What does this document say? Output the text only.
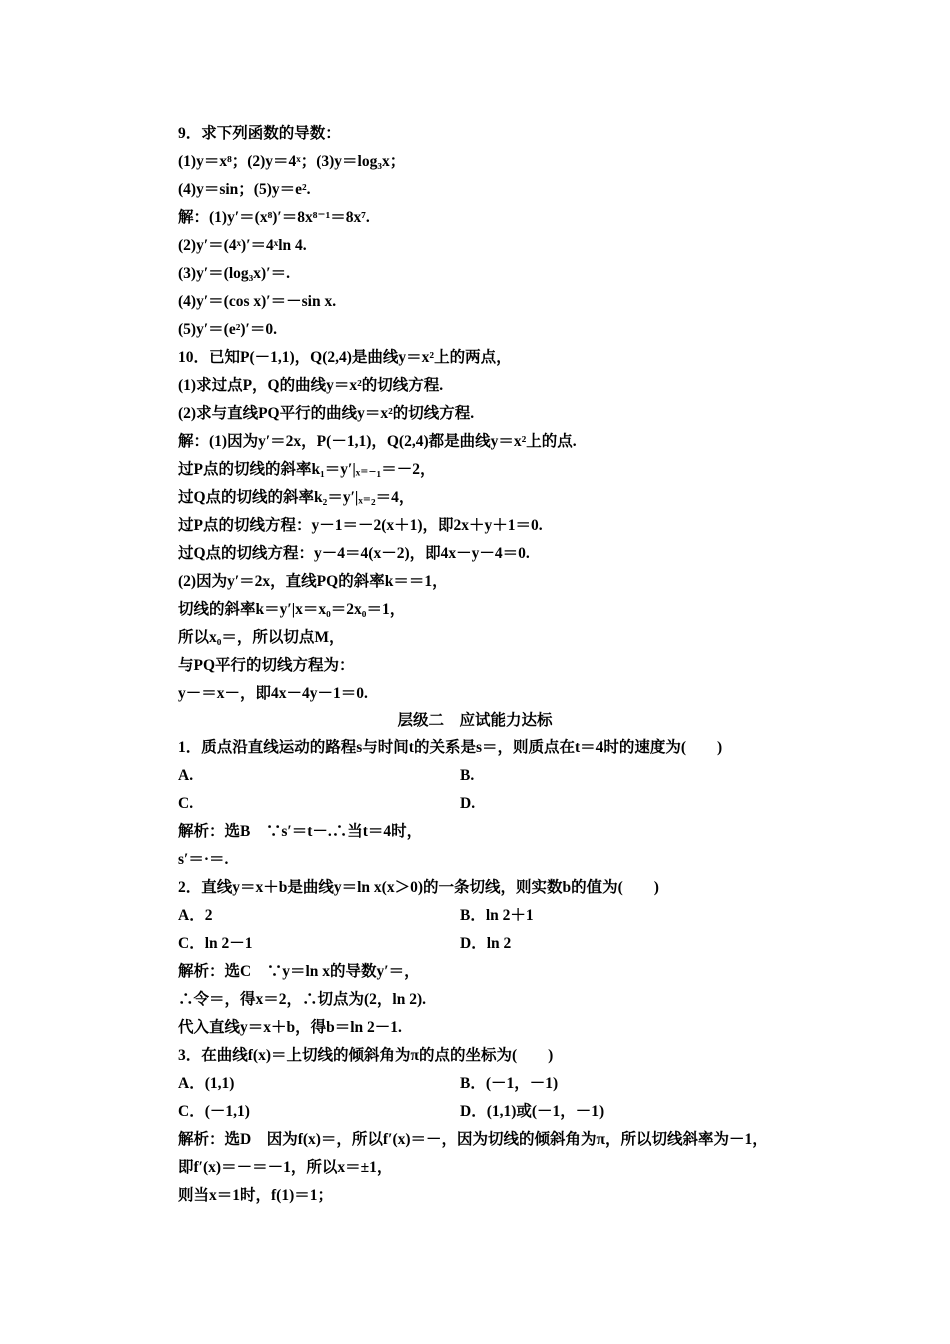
9．求下列函数的导数：
(1)y＝x⁸；(2)y＝4ˣ；(3)y＝log₃x；
(4)y＝sin；(5)y＝e².
解：(1)y′＝(x⁸)′＝8x⁸⁻¹＝8x⁷.
(2)y′＝(4ˣ)′＝4ˣln 4.
(3)y′＝(log₃x)′＝.
(4)y′＝(cos x)′＝－sin x.
(5)y′＝(e²)′＝0.
10．已知P(－1,1)，Q(2,4)是曲线y＝x²上的两点，
(1)求过点P，Q的曲线y＝x²的切线方程.
(2)求与直线PQ平行的曲线y＝x²的切线方程.
解：(1)因为y′＝2x，P(－1,1)，Q(2,4)都是曲线y＝x²上的点.
过P点的切线的斜率k₁＝y′|ₓ₌₋₁＝－2，
过Q点的切线的斜率k₂＝y′|ₓ₌₂＝4，
过P点的切线方程：y－1＝－2(x＋1)，即2x＋y＋1＝0.
过Q点的切线方程：y－4＝4(x－2)，即4x－y－4＝0.
(2)因为y′＝2x，直线PQ的斜率k＝＝1，
切线的斜率k＝y′|x＝x₀＝2x₀＝1，
所以x₀＝，所以切点M，
与PQ平行的切线方程为：
y－＝x－，即4x－4y－1＝0.
层级二　应试能力达标
1．质点沿直线运动的路程s与时间t的关系是s＝，则质点在t＝4时的速度为(　　)
A.	B.
C.	D.
解析：选B　∵s′＝t－.∴当t＝4时，
s′＝·＝.
2．直线y＝x＋b是曲线y＝ln x(x＞0)的一条切线，则实数b的值为(　　)
A．2	B．ln 2＋1
C．ln 2－1	D．ln 2
解析：选C　∵y＝ln x的导数y′＝，
∴令＝，得x＝2，∴切点为(2，ln 2).
代入直线y＝x＋b，得b＝ln 2－1.
3．在曲线f(x)＝上切线的倾斜角为π的点的坐标为(　　)
A．(1,1)	B．(－1，－1)
C．(－1,1)	D．(1,1)或(－1，－1)
解析：选D　因为f(x)＝，所以f′(x)＝－，因为切线的倾斜角为π，所以切线斜率为－1，
即f′(x)＝－＝－1，所以x＝±1，
则当x＝1时，f(1)＝1；
